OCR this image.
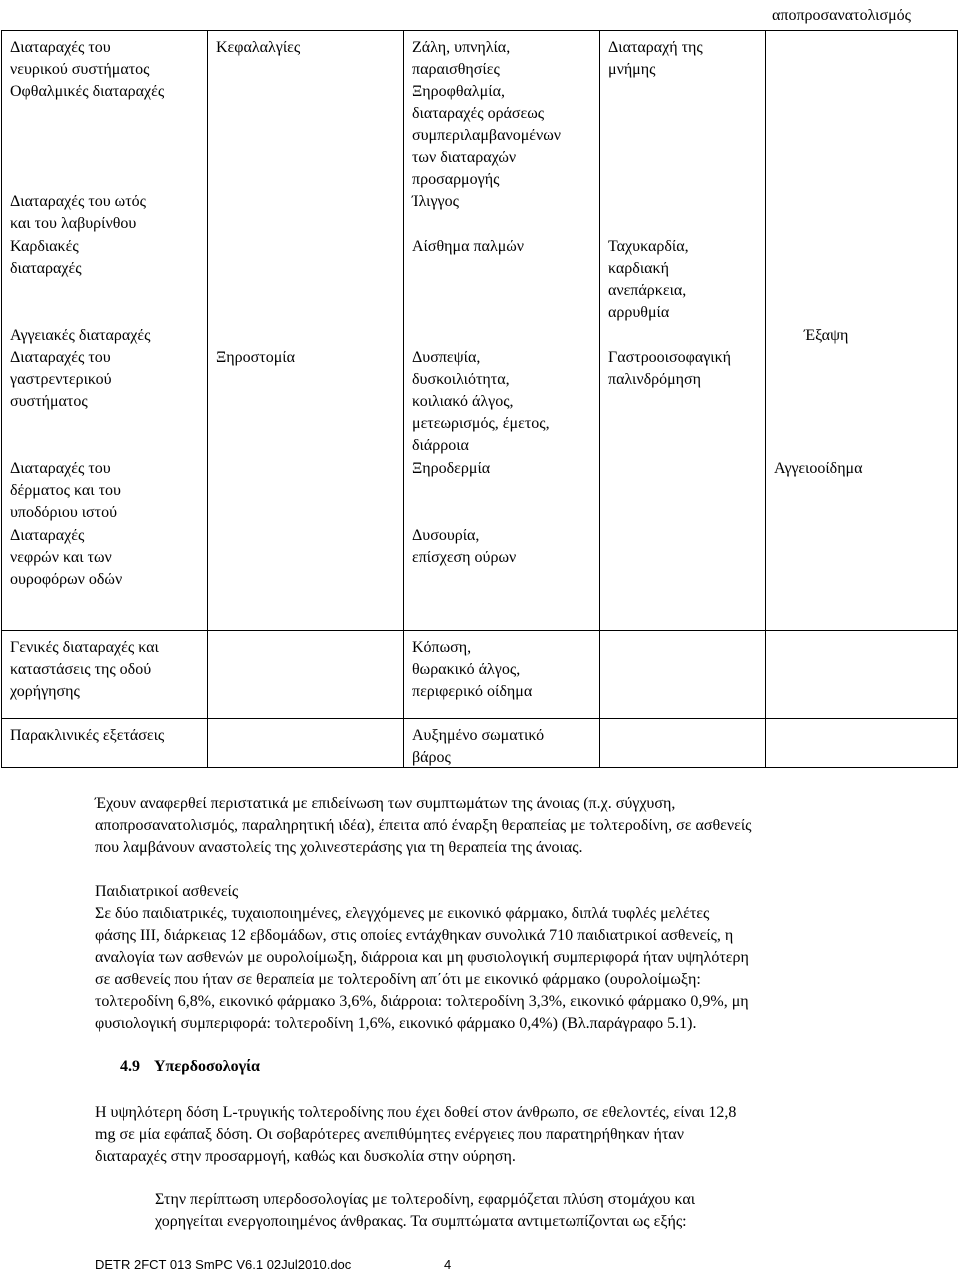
αποπροσανατολισμός
Διαταραχές του
νευρικού συστήματος
Οφθαλμικές διαταραχές
Διαταραχές του ωτός
και του λαβυρίνθου
Καρδιακές
διαταραχές
Αγγειακές διαταραχές
Διαταραχές του
γαστρεντερικού
συστήματος
Διαταραχές του
δέρματος και του
υποδόριου ιστού
Διαταραχές
νεφρών και των
ουροφόρων οδών
Γενικές διαταραχές και
καταστάσεις της οδού
χορήγησης
Παρακλινικές εξετάσεις
Κεφαλαλγίες
Ξηροστομία
Ζάλη, υπνηλία,
παραισθησίες
Ξηροφθαλμία,
διαταραχές οράσεως
συμπεριλαμβανομένων
των διαταραχών
προσαρμογής
Ίλιγγος
Αίσθημα παλμών
Δυσπεψία,
δυσκοιλιότητα,
κοιλιακό άλγος,
μετεωρισμός, έμετος,
διάρροια
Ξηροδερμία
Δυσουρία,
επίσχεση ούρων
Κόπωση,
θωρακικό άλγος,
περιφερικό οίδημα
Αυξημένο σωματικό
βάρος
Διαταραχή της
μνήμης
Ταχυκαρδία,
καρδιακή
ανεπάρκεια,
αρρυθμία
Γαστροοισοφαγική
παλινδρόμηση
Έξαψη
Αγγειοοίδημα
Έχουν αναφερθεί περιστατικά με επιδείνωση των συμπτωμάτων της άνοιας (π.χ. σύγχυση,
αποπροσανατολισμός, παραληρητική ιδέα), έπειτα από έναρξη θεραπείας με τολτεροδίνη, σε ασθενείς
που λαμβάνουν αναστολείς της χολινεστεράσης για τη θεραπεία της άνοιας.
Παιδιατρικοί ασθενείς
Σε δύο παιδιατρικές, τυχαιοποιημένες, ελεγχόμενες με εικονικό φάρμακο, διπλά τυφλές μελέτες
φάσης ΙΙΙ, διάρκειας 12 εβδομάδων, στις οποίες εντάχθηκαν συνολικά 710 παιδιατρικοί ασθενείς, η
αναλογία των ασθενών με ουρολοίμωξη, διάρροια και μη φυσιολογική συμπεριφορά ήταν υψηλότερη
σε ασθενείς που ήταν σε θεραπεία με τολτεροδίνη απ΄ότι με εικονικό φάρμακο (ουρολοίμωξη:
τολτεροδίνη 6,8%, εικονικό φάρμακο 3,6%, διάρροια: τολτεροδίνη 3,3%, εικονικό φάρμακο 0,9%, μη
φυσιολογική συμπεριφορά: τολτεροδίνη 1,6%, εικονικό φάρμακο 0,4%) (Βλ.παράγραφο 5.1).
4.9 Υπερδοσολογία
Η υψηλότερη δόση L-τρυγικής τολτεροδίνης που έχει δοθεί στον άνθρωπο, σε εθελοντές, είναι 12,8
mg σε μία εφάπαξ δόση. Οι σοβαρότερες ανεπιθύμητες ενέργειες που παρατηρήθηκαν ήταν
διαταραχές στην προσαρμογή, καθώς και δυσκολία στην ούρηση.
Στην περίπτωση υπερδοσολογίας με τολτεροδίνη, εφαρμόζεται πλύση στομάχου και
χορηγείται ενεργοποιημένος άνθρακας. Τα συμπτώματα αντιμετωπίζονται ως εξής:
DETR 2FCT 013 SmPC V6.1 02Jul2010.doc	4
